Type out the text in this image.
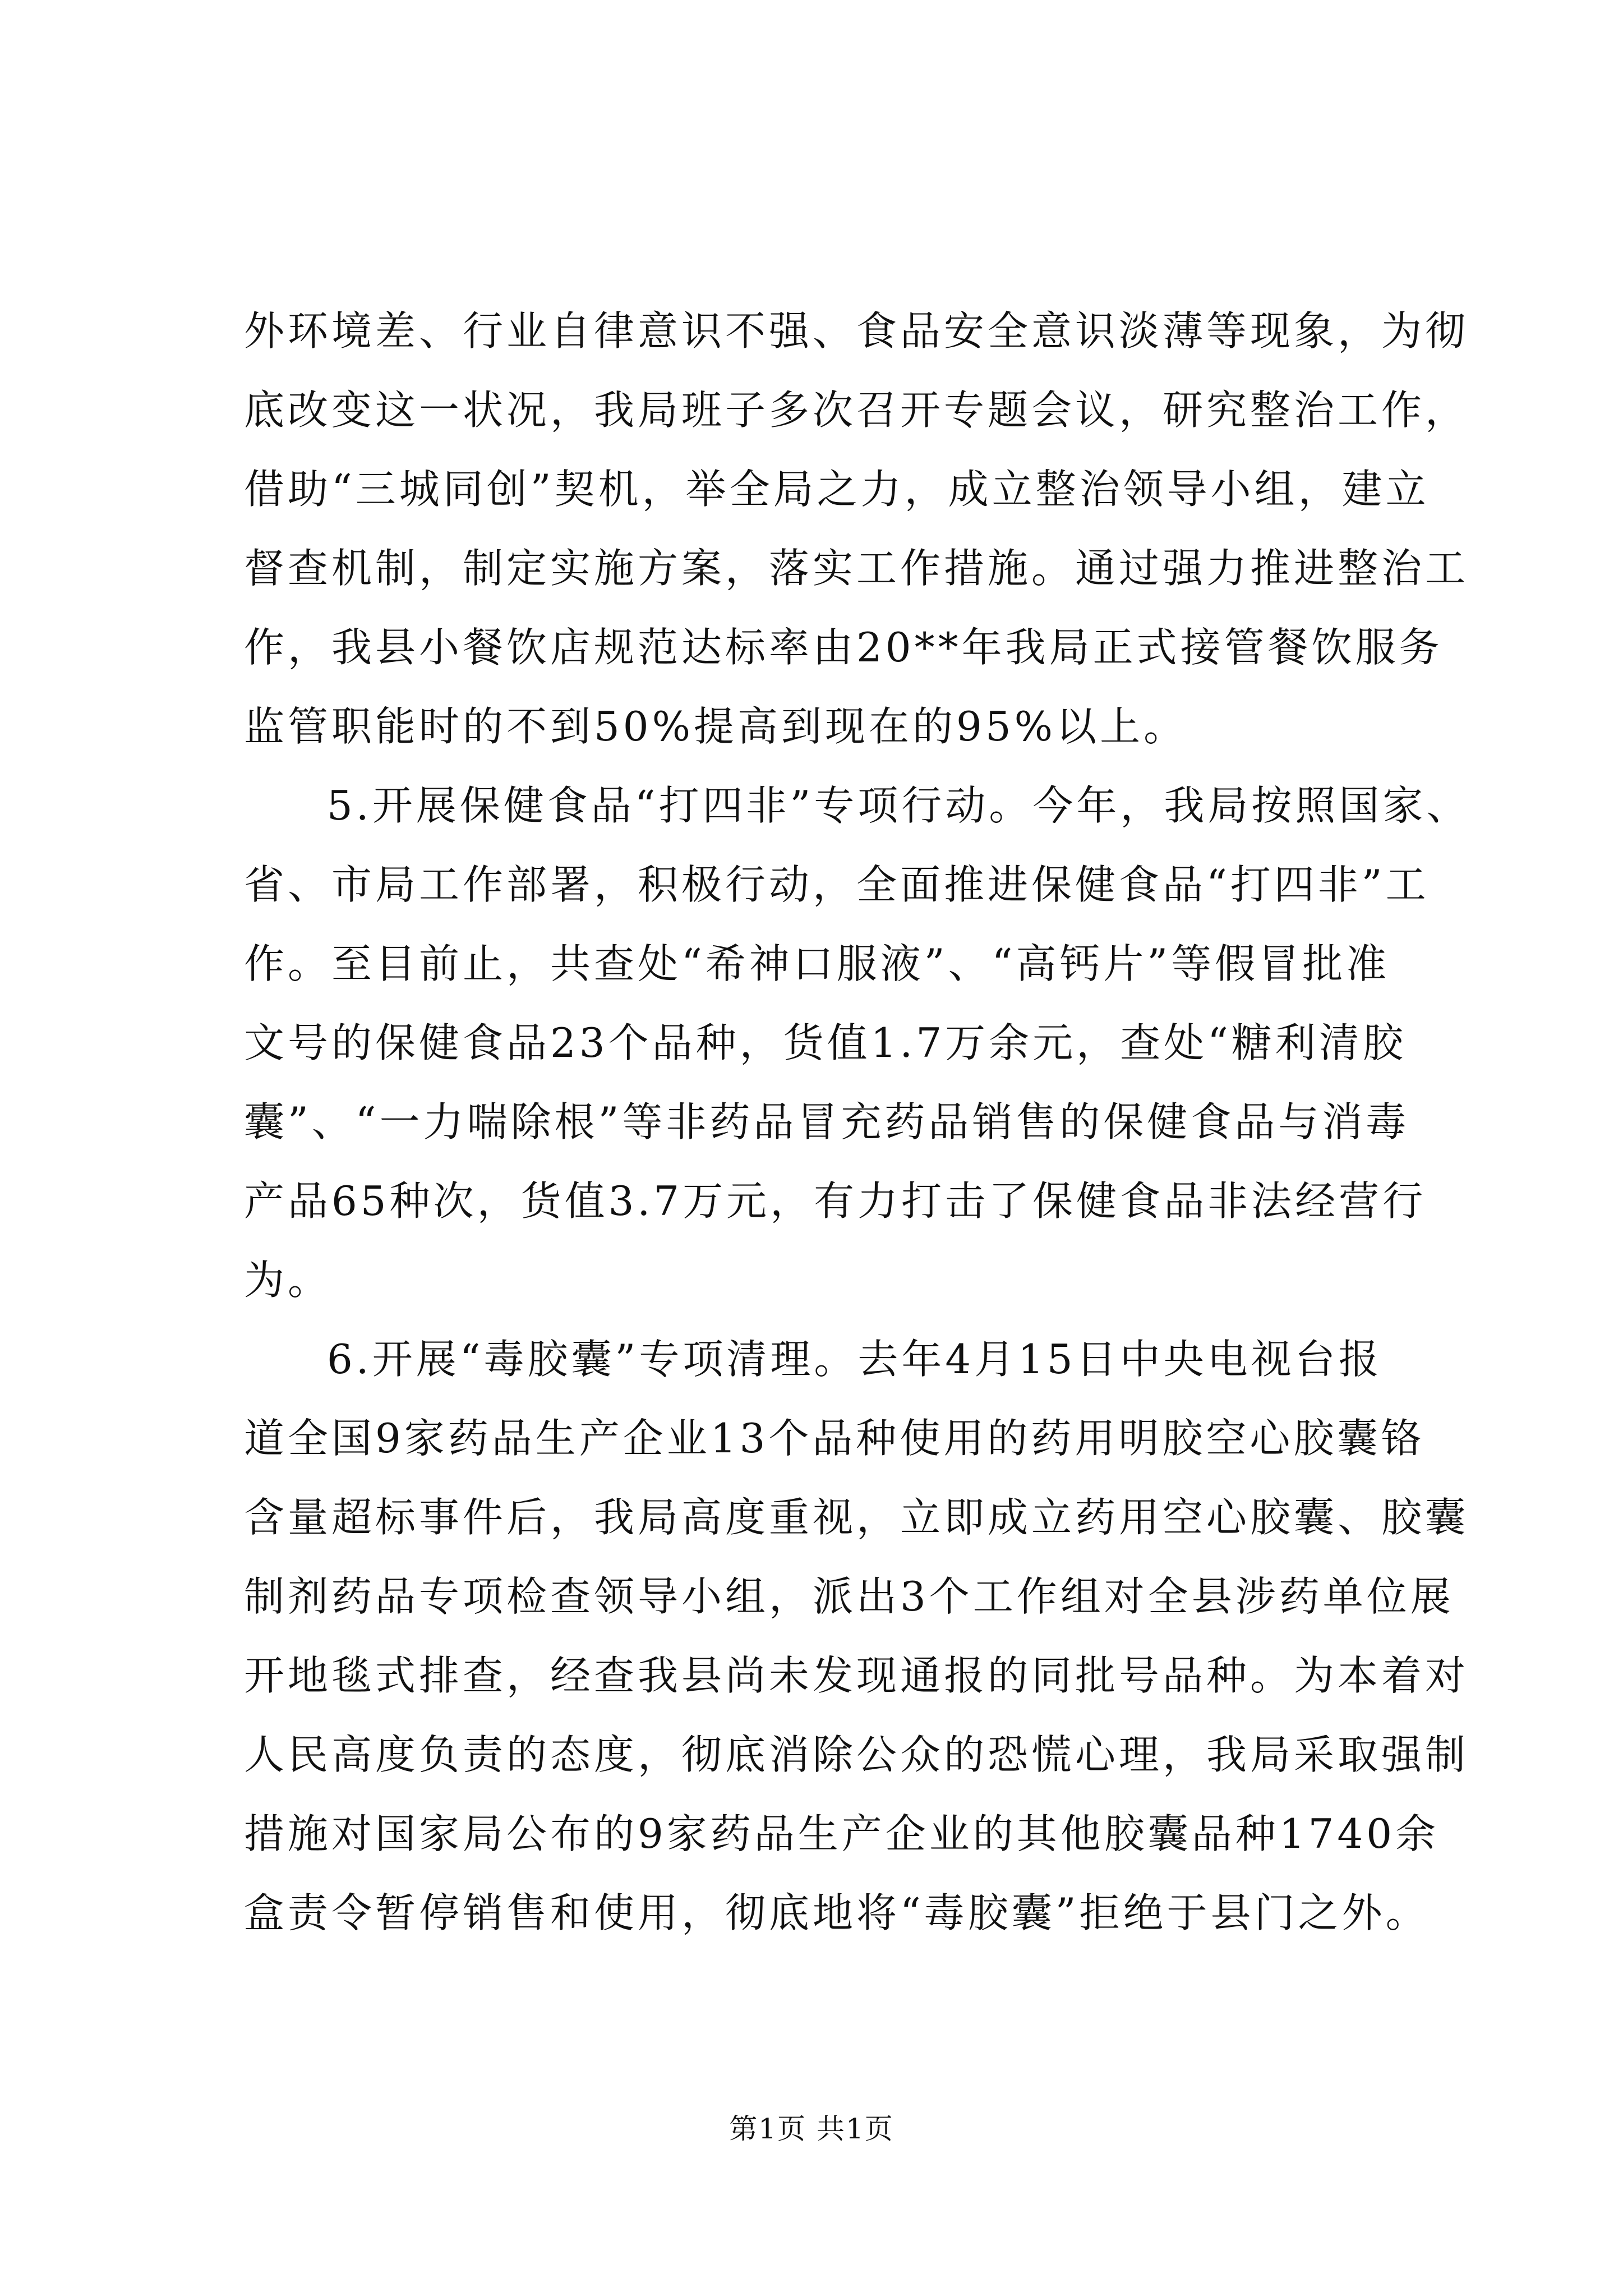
外环境差、行业自律意识不强、食品安全意识淡薄等现象，为彻
底改变这一状况，我局班子多次召开专题会议，研究整治工作，
借助“三城同创”契机，举全局之力，成立整治领导小组，建立
督查机制，制定实施方案，落实工作措施。通过强力推进整治工
作，我县小餐饮店规范达标率由20**年我局正式接管餐饮服务
监管职能时的不到50%提高到现在的95%以上。
5.开展保健食品“打四非”专项行动。今年，我局按照国家、
省、市局工作部署，积极行动，全面推进保健食品“打四非”工
作。至目前止，共查处“希神口服液”、“高钙片”等假冒批准
文号的保健食品23个品种，货值1.7万余元，查处“糖利清胶
囊”、“一力喘除根”等非药品冒充药品销售的保健食品与消毒
产品65种次，货值3.7万元，有力打击了保健食品非法经营行
为。
6.开展“毒胶囊”专项清理。去年4月15日中央电视台报
道全国9家药品生产企业13个品种使用的药用明胶空心胶囊铬
含量超标事件后，我局高度重视，立即成立药用空心胶囊、胶囊
制剂药品专项检查领导小组，派出3个工作组对全县涉药单位展
开地毯式排查，经查我县尚未发现通报的同批号品种。为本着对
人民高度负责的态度，彻底消除公众的恐慌心理，我局采取强制
措施对国家局公布的9家药品生产企业的其他胶囊品种1740余
盒责令暂停销售和使用，彻底地将“毒胶囊”拒绝于县门之外。
第1页 共1页
